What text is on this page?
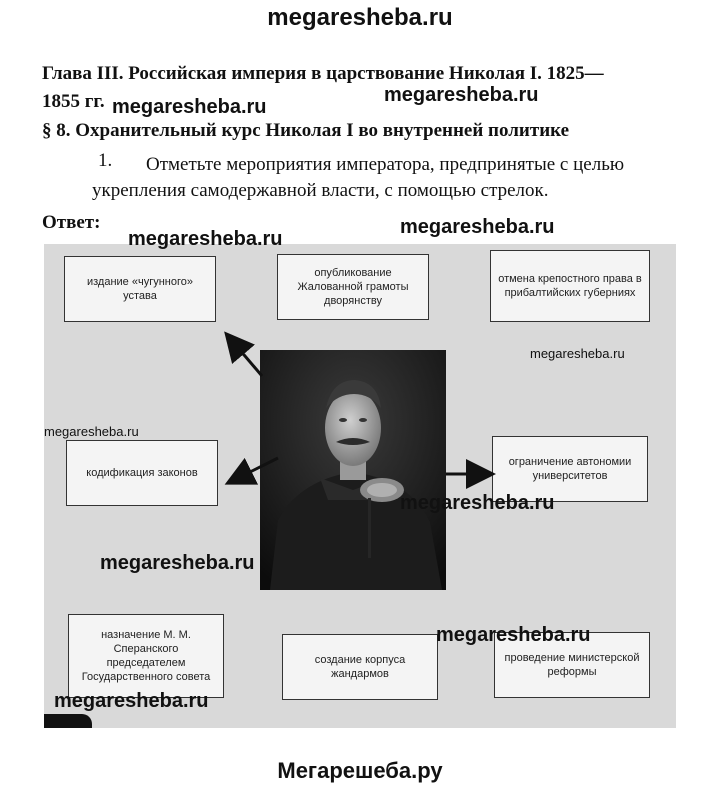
megaresheba.ru
Глава III. Российская империя в царствование Николая I. 1825—
1855 гг.
§ 8. Охранительный курс Николая I во внутренней политике
1. Отметьте мероприятия императора, предпринятые с целью
укрепления самодержавной власти, с помощью стрелок.
Ответ:
издание «чугунного» устава
опубликование Жалованной грамоты дворянству
отмена крепостного права в прибалтийских губерниях
кодификация законов
ограничение автономии университетов
назначение М. М. Сперанского председателем Государственного совета
создание корпуса жандармов
проведение министерской реформы
megaresheba.ru
megaresheba.ru
megaresheba.ru
megaresheba.ru
megaresheba.ru
megaresheba.ru
megaresheba.ru
megaresheba.ru
megaresheba.ru
megaresheba.ru
Мегарешеба.ру
